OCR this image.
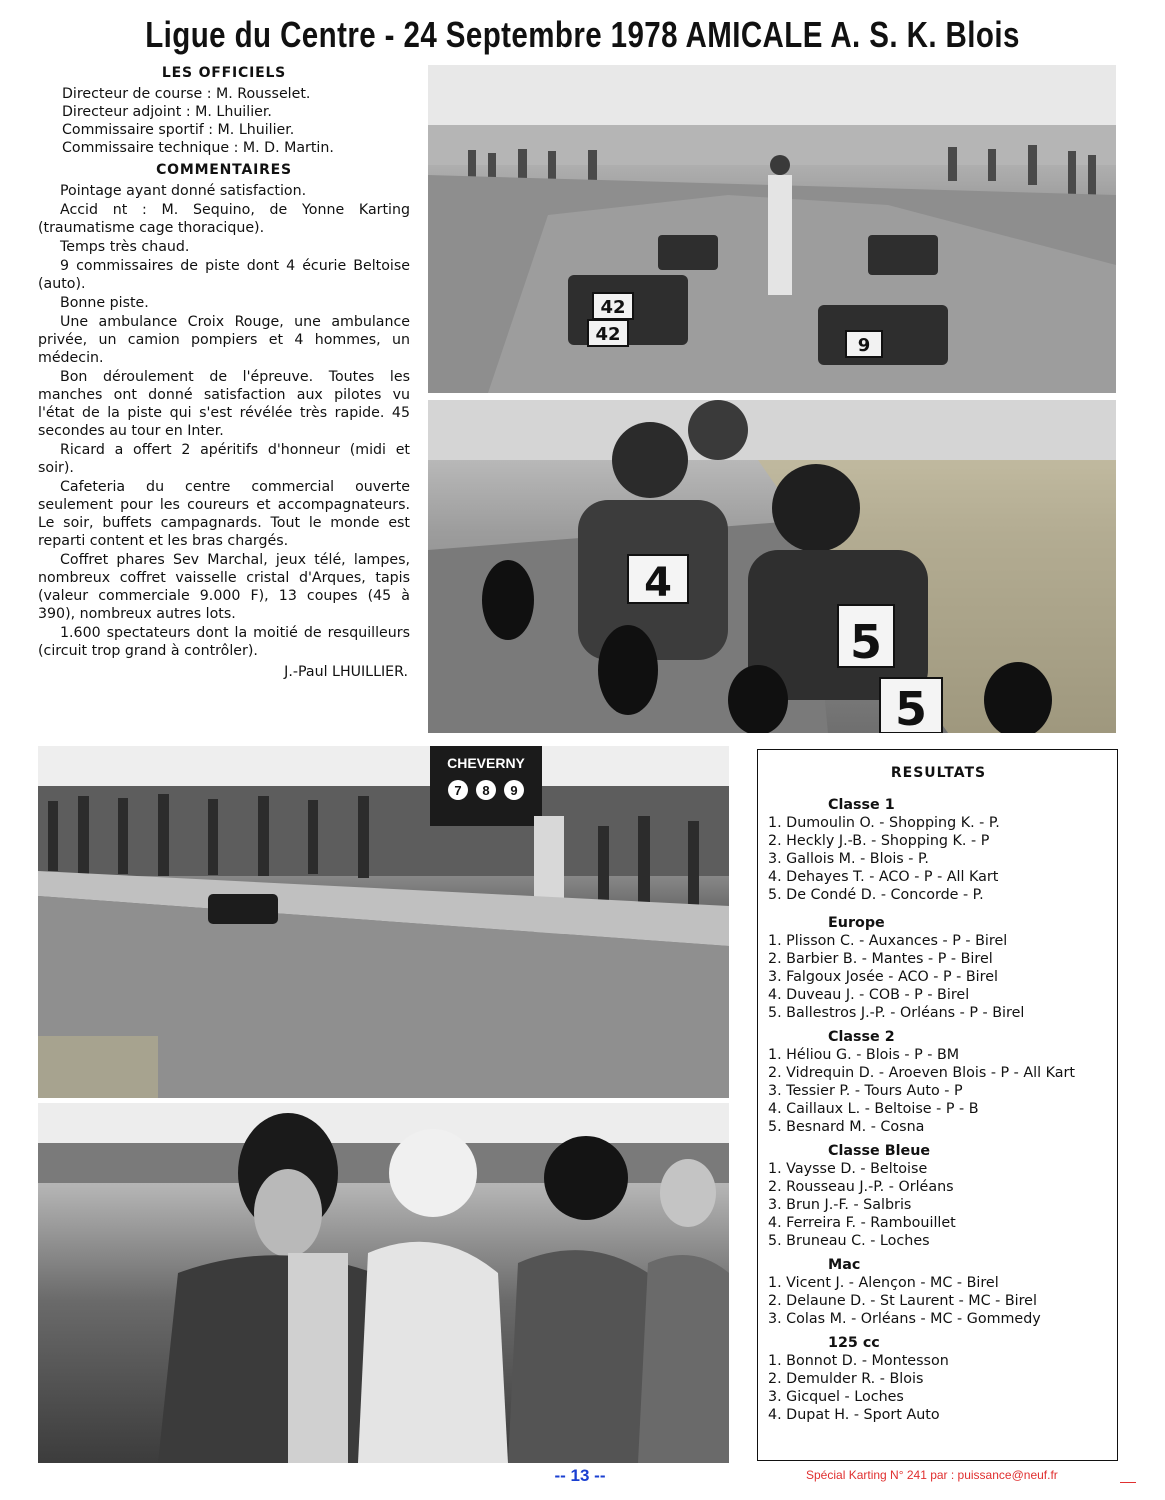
Ligue du Centre - 24 Septembre 1978 AMICALE A. S. K. Blois
LES OFFICIELS
Directeur de course : M. Rousselet.
Directeur adjoint : M. Lhuilier.
Commissaire sportif : M. Lhuilier.
Commissaire technique : M. D. Martin.
COMMENTAIRES

Pointage ayant donné satisfaction.

Accid nt : M. Sequino, de Yonne Karting (traumatisme cage thoracique).

Temps très chaud.

9 commissaires de piste dont 4 écurie Beltoise (auto).

Bonne piste.

Une ambulance Croix Rouge, une ambulance privée, un camion pompiers et 4 hommes, un médecin.

Bon déroulement de l'épreuve. Toutes les manches ont donné satisfaction aux pilotes vu l'état de la piste qui s'est révélée très rapide. 45 secondes au tour en Inter.

Ricard a offert 2 apéritifs d'honneur (midi et soir).

Cafeteria du centre commercial ouverte seulement pour les coureurs et accompagnateurs. Le soir, buffets campagnards. Tout le monde est reparti content et les bras chargés.

Coffret phares Sev Marchal, jeux télé, lampes, nombreux coffret vaisselle cristal d'Arques, tapis (valeur commerciale 9.000 F), 13 coupes (45 à 390), nombreux autres lots.

1.600 spectateurs dont la moitié de resquilleurs (circuit trop grand à contrôler).

J.-Paul LHUILLIER.
42
42
9
4
5
5
CHEVERNY
7 8 9
RESULTATS
Classe 1
1. Dumoulin O. - Shopping K. - P.
2. Heckly J.-B. - Shopping K. - P
3. Gallois M. - Blois - P.
4. Dehayes T. - ACO - P - All Kart
5. De Condé D. - Concorde - P.
Europe
1. Plisson C. - Auxances - P - Birel
2. Barbier B. - Mantes - P - Birel
3. Falgoux Josée - ACO - P - Birel
4. Duveau J. - COB - P - Birel
5. Ballestros J.-P. - Orléans - P - Birel
Classe 2
1. Héliou G. - Blois - P - BM
2. Vidrequin D. - Aroeven Blois - P - All Kart
3. Tessier P. - Tours Auto - P
4. Caillaux L. - Beltoise - P - B
5. Besnard M. - Cosna
Classe Bleue
1. Vaysse D. - Beltoise
2. Rousseau J.-P. - Orléans
3. Brun J.-F. - Salbris
4. Ferreira F. - Rambouillet
5. Bruneau C. - Loches
Mac
1. Vicent J. - Alençon - MC - Birel
2. Delaune D. - St Laurent - MC - Birel
3. Colas M. - Orléans - MC - Gommedy
125 cc
1. Bonnot D. - Montesson
2. Demulder R. - Blois
3. Gicquel - Loches
4. Dupat H. - Sport Auto
-- 13 --	Spécial Karting N° 241 par : puissance@neuf.fr
